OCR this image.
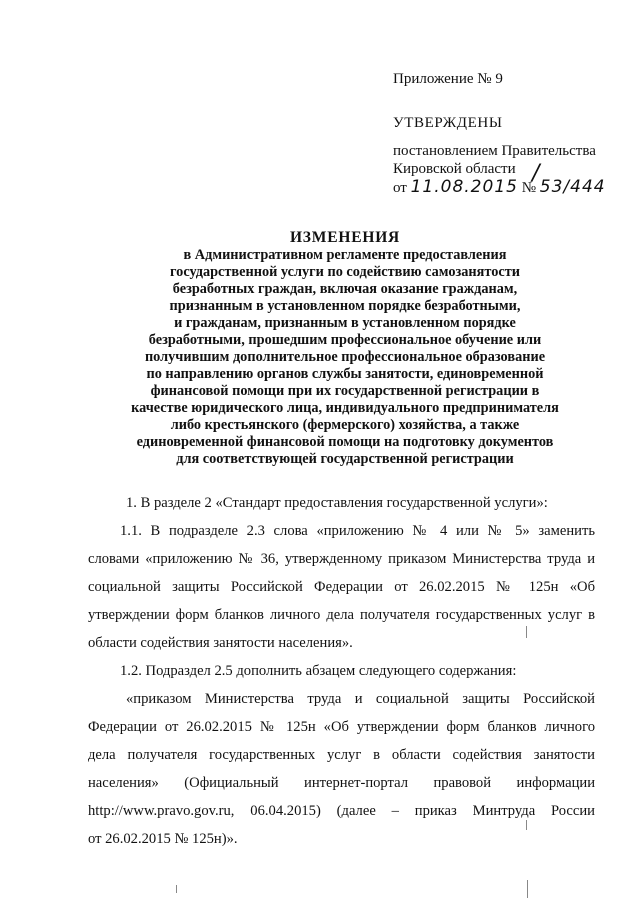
Приложение № 9
УТВЕРЖДЕНЫ
постановлением Правительства
Кировской области /
от 11.08.2015 № 53/444
ИЗМЕНЕНИЯ
в Административном регламенте предоставления
государственной услуги по содействию самозанятости
безработных граждан, включая оказание гражданам,
признанным в установленном порядке безработными,
и гражданам, признанным в установленном порядке
безработными, прошедшим профессиональное обучение или
получившим дополнительное профессиональное образование
по направлению органов службы занятости, единовременной
финансовой помощи при их государственной регистрации в
качестве юридического лица, индивидуального предпринимателя
либо крестьянского (фермерского) хозяйства, а также
единовременной финансовой помощи на подготовку документов
для соответствующей государственной регистрации
1. В разделе 2 «Стандарт предоставления государственной услуги»:
1.1. В подразделе 2.3 слова «приложению № 4 или № 5» заменить
словами «приложению № 36, утвержденному приказом Министерства труда и
социальной защиты Российской Федерации от 26.02.2015 № 125н «Об
утверждении форм бланков личного дела получателя государственных услуг в
области содействия занятости населения».
1.2. Подраздел 2.5 дополнить абзацем следующего содержания:
«приказом Министерства труда и социальной защиты Российской
Федерации от 26.02.2015 № 125н «Об утверждении форм бланков личного
дела получателя государственных услуг в области содействия занятости
населения» (Официальный интернет-портал правовой информации
http://www.pravo.gov.ru, 06.04.2015) (далее – приказ Минтруда России
от 26.02.2015 № 125н)».
